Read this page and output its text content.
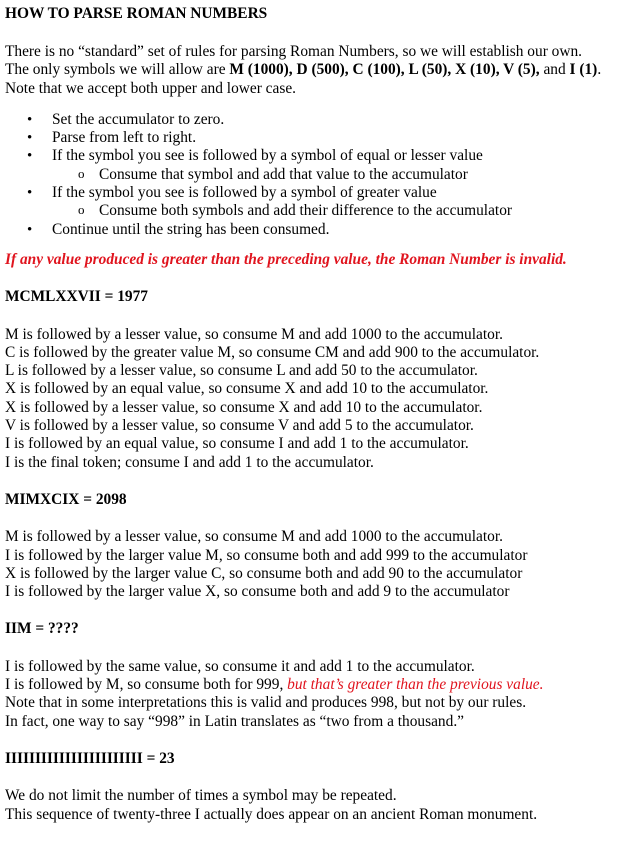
HOW TO PARSE ROMAN NUMBERS

There is no “standard” set of rules for parsing Roman Numbers, so we will establish our own.

The only symbols we will allow are M (1000), D (500), C (100), L (50), X (10), V (5), and I (1).

Note that we accept both upper and lower case.

• Set the accumulator to zero.
• Parse from left to right.
• If the symbol you see is followed by a symbol of equal or lesser value
o Consume that symbol and add that value to the accumulator
• If the symbol you see is followed by a symbol of greater value
o Consume both symbols and add their difference to the accumulator
• Continue until the string has been consumed.

If any value produced is greater than the preceding value, the Roman Number is invalid.

MCMLXXVII = 1977

M is followed by a lesser value, so consume M and add 1000 to the accumulator.

C is followed by the greater value M, so consume CM and add 900 to the accumulator.

L is followed by a lesser value, so consume L and add 50 to the accumulator.

X is followed by an equal value, so consume X and add 10 to the accumulator.

X is followed by a lesser value, so consume X and add 10 to the accumulator.

V is followed by a lesser value, so consume V and add 5 to the accumulator.

I is followed by an equal value, so consume I and add 1 to the accumulator.

I is the final token; consume I and add 1 to the accumulator.

MIMXCIX = 2098

M is followed by a lesser value, so consume M and add 1000 to the accumulator.

I is followed by the larger value M, so consume both and add 999 to the accumulator

X is followed by the larger value C, so consume both and add 90 to the accumulator

I is followed by the larger value X, so consume both and add 9 to the accumulator

IIM = ????

I is followed by the same value, so consume it and add 1 to the accumulator.

I is followed by M, so consume both for 999, but that’s greater than the previous value.

Note that in some interpretations this is valid and produces 998, but not by our rules.

In fact, one way to say “998” in Latin translates as “two from a thousand.”

IIIIIIIIIIIIIIIIIIIIIII = 23

We do not limit the number of times a symbol may be repeated.

This sequence of twenty-three I actually does appear on an ancient Roman monument.
